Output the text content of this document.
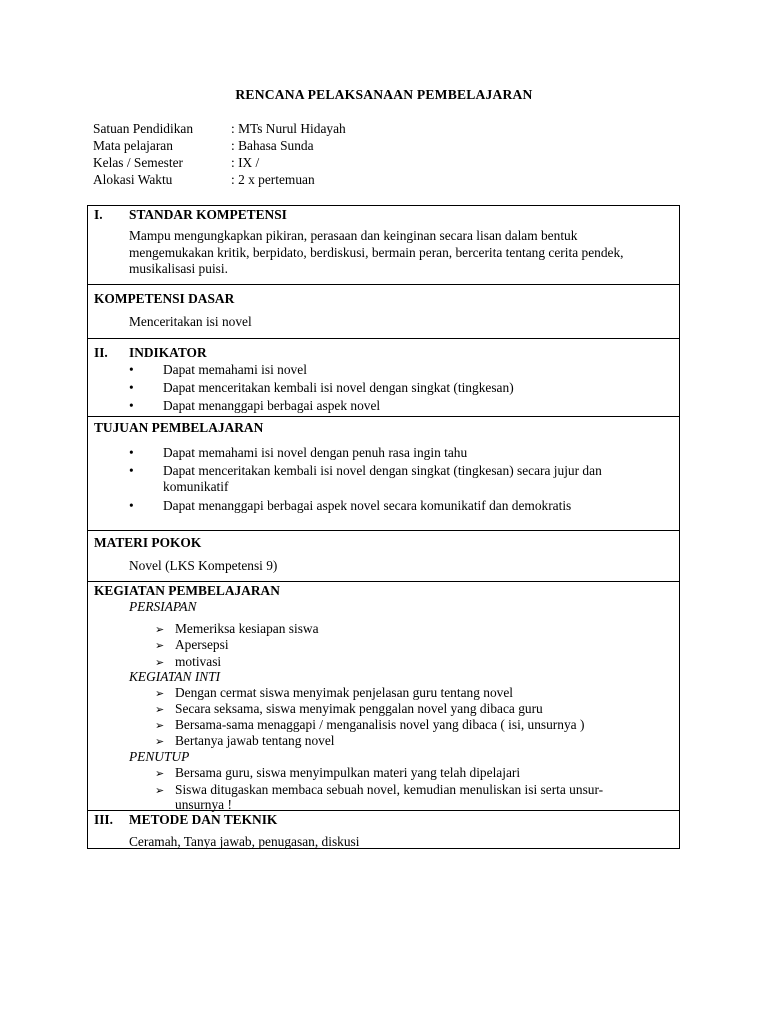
RENCANA PELAKSANAAN PEMBELAJARAN
Satuan Pendidikan	: MTs Nurul Hidayah
Mata pelajaran	: Bahasa Sunda
Kelas / Semester	: IX /
Alokasi Waktu	: 2 x pertemuan
I. STANDAR KOMPETENSI
Mampu mengungkapkan pikiran, perasaan dan keinginan secara lisan dalam bentuk
mengemukakan kritik, berpidato, berdiskusi, bermain peran, bercerita tentang cerita pendek,
musikalisasi puisi.
KOMPETENSI DASAR
Menceritakan isi novel
II. INDIKATOR
• Dapat memahami isi novel
• Dapat menceritakan kembali isi novel dengan singkat (tingkesan)
• Dapat menanggapi berbagai aspek novel
TUJUAN PEMBELAJARAN
• Dapat memahami isi novel dengan penuh rasa ingin tahu
• Dapat menceritakan kembali isi novel dengan singkat (tingkesan) secara jujur dan
komunikatif
• Dapat menanggapi berbagai aspek novel secara komunikatif dan demokratis
MATERI POKOK
Novel (LKS Kompetensi 9)
KEGIATAN PEMBELAJARAN
PERSIAPAN
➢ Memeriksa kesiapan siswa
➢ Apersepsi
➢ motivasi
KEGIATAN INTI
➢ Dengan cermat siswa menyimak penjelasan guru tentang novel
➢ Secara seksama, siswa menyimak penggalan novel yang dibaca guru
➢ Bersama-sama menaggapi / menganalisis novel yang dibaca ( isi, unsurnya )
➢ Bertanya jawab tentang novel
PENUTUP
➢ Bersama guru, siswa menyimpulkan materi yang telah dipelajari
➢ Siswa ditugaskan membaca sebuah novel, kemudian menuliskan isi serta unsur-
unsurnya !
III. METODE DAN TEKNIK
Ceramah, Tanya jawab, penugasan, diskusi
